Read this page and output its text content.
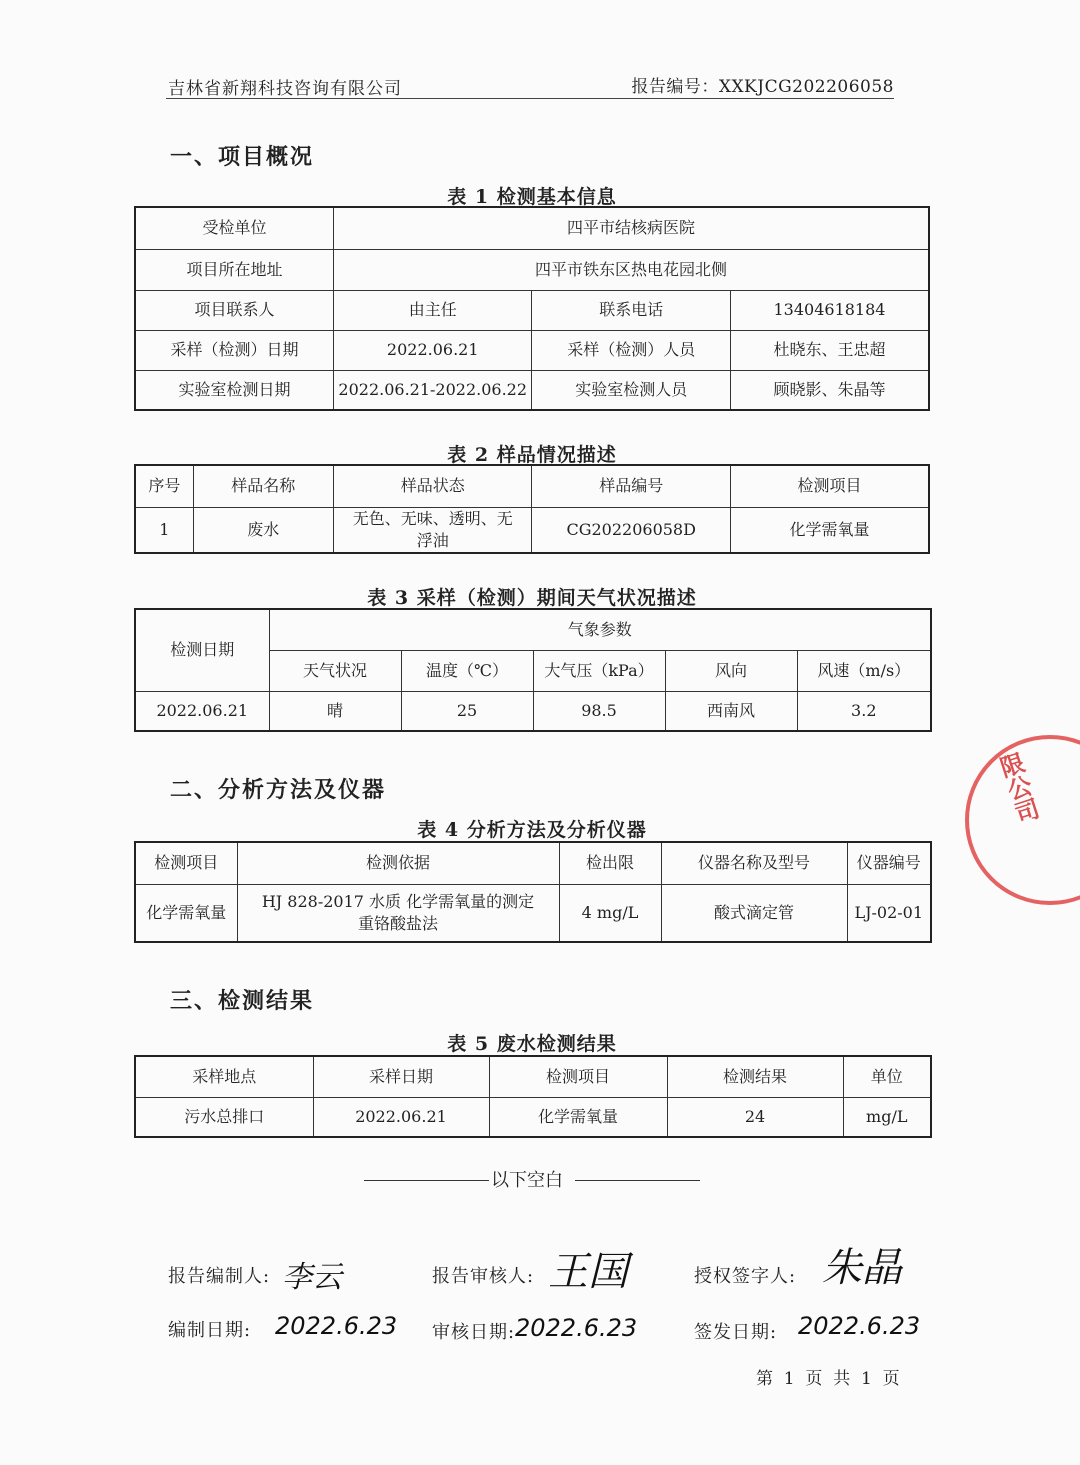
吉林省新翔科技咨询有限公司	报告编号：XXKJCG202206058
一、项目概况
表 1 检测基本信息
受检单位	四平市结核病医院		
项目所在地址	四平市铁东区热电花园北侧		
项目联系人	由主任	联系电话	13404618184
采样（检测）日期	2022.06.21	采样（检测）人员	杜晓东、王忠超
实验室检测日期	2022.06.21-2022.06.22	实验室检测人员	顾晓影、朱晶等
表 2 样品情况描述
序号	样品名称	样品状态	样品编号	检测项目
1	废水	无色、无味、透明、无浮油	CG202206058D	化学需氧量
表 3 采样（检测）期间天气状况描述
检测日期	气象参数				
	天气状况	温度（℃）	大气压（kPa）	风向	风速（m/s）
2022.06.21	晴	25	98.5	西南风	3.2
二、分析方法及仪器
表 4 分析方法及分析仪器
检测项目	检测依据	检出限	仪器名称及型号	仪器编号
化学需氧量	HJ 828-2017 水质 化学需氧量的测定 重铬酸盐法	4 mg/L	酸式滴定管	LJ-02-01
限公司
三、检测结果
表 5 废水检测结果
采样地点	采样日期	检测项目	检测结果	单位
污水总排口	2022.06.21	化学需氧量	24	mg/L
以下空白
报告编制人: 李云	报告审核人: 王国	授权签字人: 朱晶
编制日期: 2022.6.23 审核日期: 2022.6.23	签发日期: 2022.6.23
第  1  页  共  1  页
